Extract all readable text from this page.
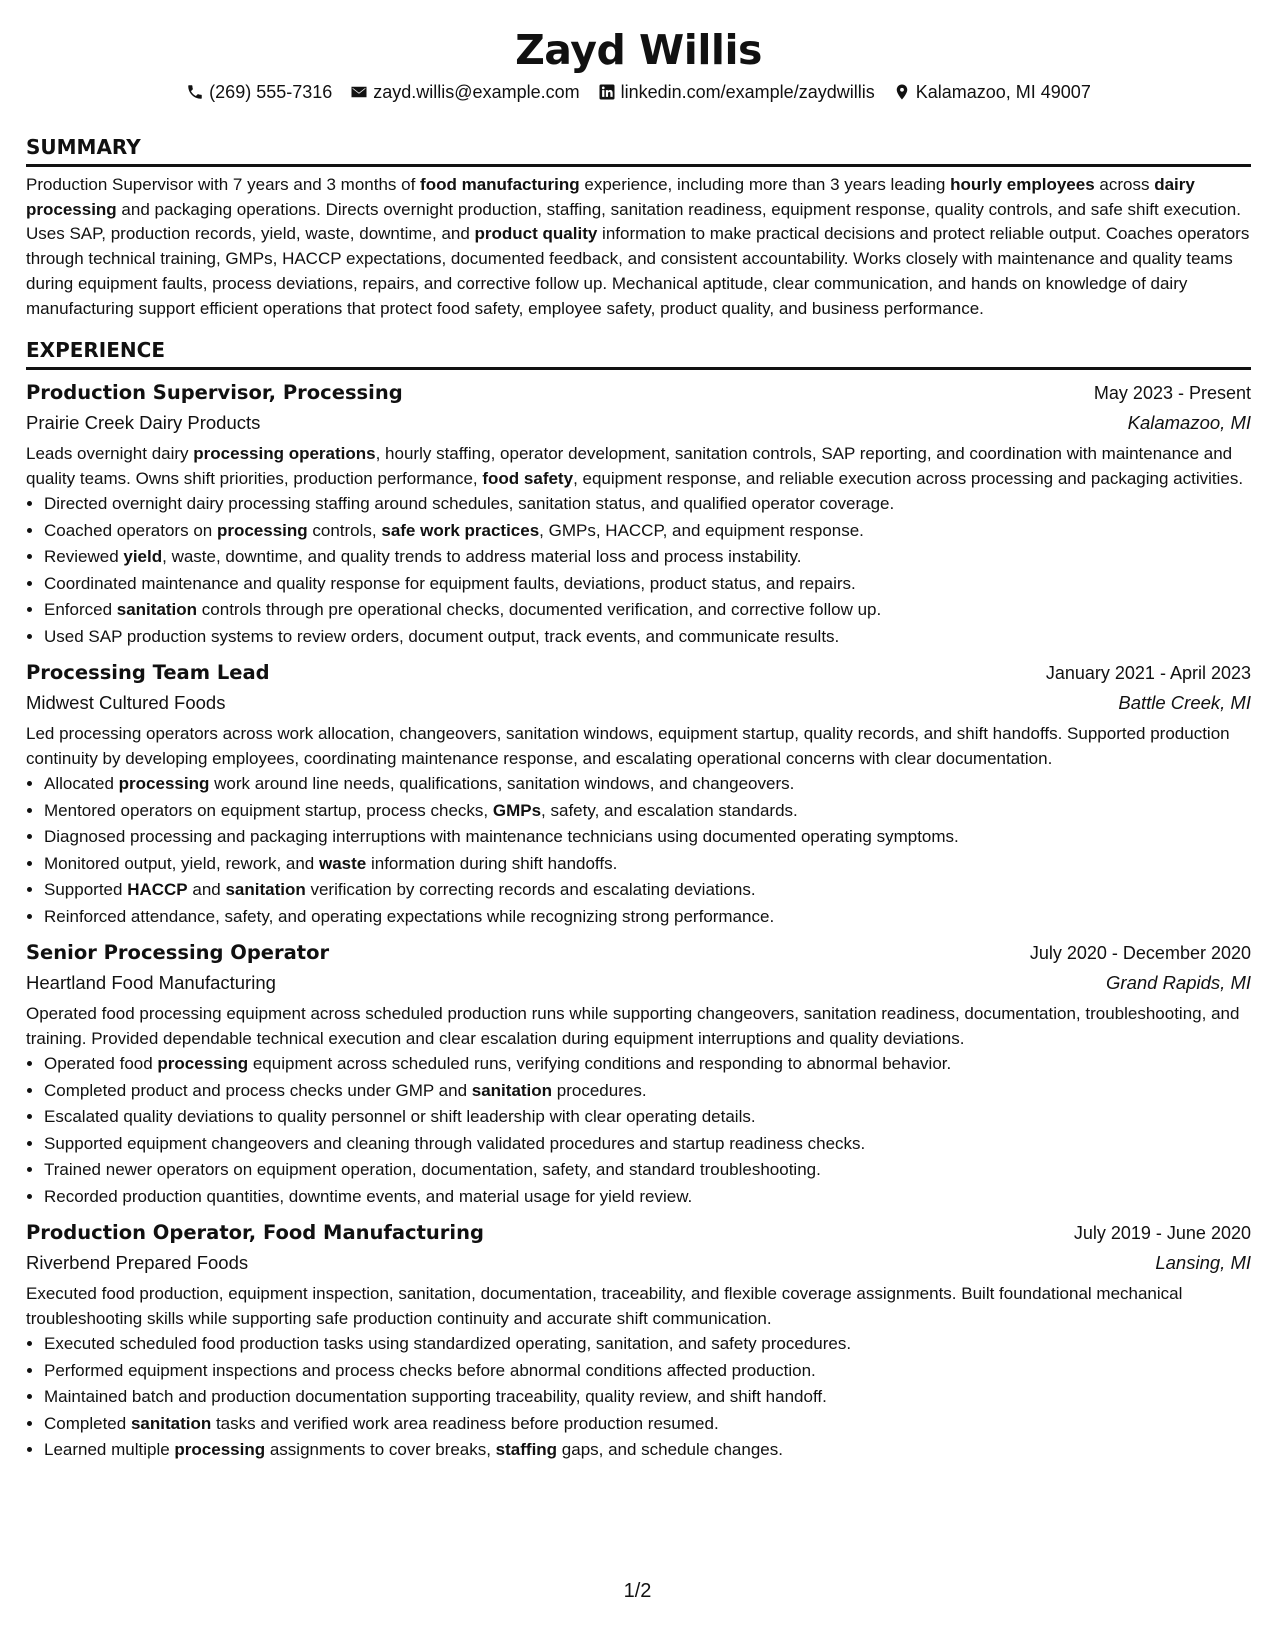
Zayd Willis
(269) 555-7316 zayd.willis@example.com linkedin.com/example/zaydwillis Kalamazoo, MI 49007
SUMMARY

Production Supervisor with 7 years and 3 months of food manufacturing experience, including more than 3 years leading hourly employees across dairy processing and packaging operations. Directs overnight production, staffing, sanitation readiness, equipment response, quality controls, and safe shift execution. Uses SAP, production records, yield, waste, downtime, and product quality information to make practical decisions and protect reliable output. Coaches operators through technical training, GMPs, HACCP expectations, documented feedback, and consistent accountability. Works closely with maintenance and quality teams during equipment faults, process deviations, repairs, and corrective follow up. Mechanical aptitude, clear communication, and hands on knowledge of dairy manufacturing support efficient operations that protect food safety, employee safety, product quality, and business performance.

EXPERIENCE
Production Supervisor, Processing	May 2023 - Present
Prairie Creek Dairy Products	Kalamazoo, MI

Leads overnight dairy processing operations, hourly staffing, operator development, sanitation controls, SAP reporting, and coordination with maintenance and quality teams. Owns shift priorities, production performance, food safety, equipment response, and reliable execution across processing and packaging activities.

• Directed overnight dairy processing staffing around schedules, sanitation status, and qualified operator coverage.
• Coached operators on processing controls, safe work practices, GMPs, HACCP, and equipment response.
• Reviewed yield, waste, downtime, and quality trends to address material loss and process instability.
• Coordinated maintenance and quality response for equipment faults, deviations, product status, and repairs.
• Enforced sanitation controls through pre operational checks, documented verification, and corrective follow up.
• Used SAP production systems to review orders, document output, track events, and communicate results.
Processing Team Lead	January 2021 - April 2023
Midwest Cultured Foods	Battle Creek, MI

Led processing operators across work allocation, changeovers, sanitation windows, equipment startup, quality records, and shift handoffs. Supported production continuity by developing employees, coordinating maintenance response, and escalating operational concerns with clear documentation.

• Allocated processing work around line needs, qualifications, sanitation windows, and changeovers.
• Mentored operators on equipment startup, process checks, GMPs, safety, and escalation standards.
• Diagnosed processing and packaging interruptions with maintenance technicians using documented operating symptoms.
• Monitored output, yield, rework, and waste information during shift handoffs.
• Supported HACCP and sanitation verification by correcting records and escalating deviations.
• Reinforced attendance, safety, and operating expectations while recognizing strong performance.
Senior Processing Operator	July 2020 - December 2020
Heartland Food Manufacturing	Grand Rapids, MI

Operated food processing equipment across scheduled production runs while supporting changeovers, sanitation readiness, documentation, troubleshooting, and training. Provided dependable technical execution and clear escalation during equipment interruptions and quality deviations.

• Operated food processing equipment across scheduled runs, verifying conditions and responding to abnormal behavior.
• Completed product and process checks under GMP and sanitation procedures.
• Escalated quality deviations to quality personnel or shift leadership with clear operating details.
• Supported equipment changeovers and cleaning through validated procedures and startup readiness checks.
• Trained newer operators on equipment operation, documentation, safety, and standard troubleshooting.
• Recorded production quantities, downtime events, and material usage for yield review.
Production Operator, Food Manufacturing	July 2019 - June 2020
Riverbend Prepared Foods	Lansing, MI

Executed food production, equipment inspection, sanitation, documentation, traceability, and flexible coverage assignments. Built foundational mechanical troubleshooting skills while supporting safe production continuity and accurate shift communication.

• Executed scheduled food production tasks using standardized operating, sanitation, and safety procedures.
• Performed equipment inspections and process checks before abnormal conditions affected production.
• Maintained batch and production documentation supporting traceability, quality review, and shift handoff.
• Completed sanitation tasks and verified work area readiness before production resumed.
• Learned multiple processing assignments to cover breaks, staffing gaps, and schedule changes.
1/2
